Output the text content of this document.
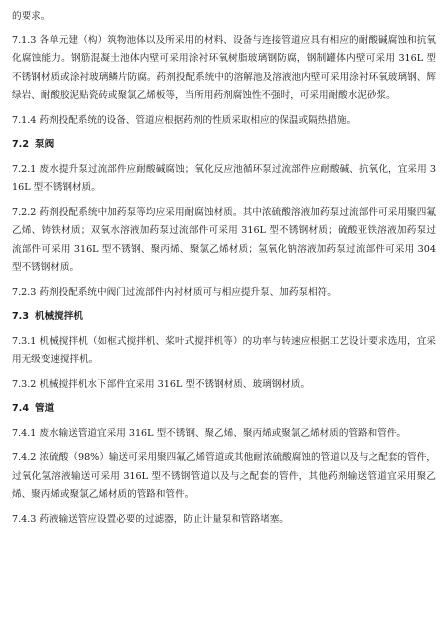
的要求。

7.1.3 各单元建（构）筑物池体以及所采用的材料、设备与连接管道应具有相应的耐酸碱腐蚀和抗氧化腐蚀能力。钢筋混凝土池体内壁可采用涂衬环氧树脂玻璃钢防腐，钢制罐体内壁可采用 316L 型不锈钢材质或涂衬玻璃鳞片防腐。药剂投配系统中的溶解池及溶液池内壁可采用涂衬环氧玻璃钢、辉绿岩、耐酸胶泥贴瓷砖或聚氯乙烯板等，当所用药剂腐蚀性不强时，可采用耐酸水泥砂浆。

7.1.4 药剂投配系统的设备、管道应根据药剂的性质采取相应的保温或隔热措施。

7.2 泵阀

7.2.1 废水提升泵过流部件应耐酸碱腐蚀；氧化反应池循环泵过流部件应耐酸碱、抗氧化，宜采用 316L 型不锈钢材质。

7.2.2 药剂投配系统中加药泵等均应采用耐腐蚀材质。其中浓硫酸溶液加药泵过流部件可采用聚四氟乙烯、铸铁材质；双氧水溶液加药泵过流部件可采用 316L 型不锈钢材质；硫酸亚铁溶液加药泵过流部件可采用 316L 型不锈钢、聚丙烯、聚氯乙烯材质；氢氧化钠溶液加药泵过流部件可采用 304 型不锈钢材质。

7.2.3 药剂投配系统中阀门过流部件内衬材质可与相应提升泵、加药泵相符。

7.3 机械搅拌机

7.3.1 机械搅拌机（如框式搅拌机、桨叶式搅拌机等）的功率与转速应根据工艺设计要求选用，宜采用无级变速搅拌机。

7.3.2 机械搅拌机水下部件宜采用 316L 型不锈钢材质、玻璃钢材质。

7.4 管道

7.4.1 废水输送管道宜采用 316L 型不锈钢、聚乙烯、聚丙烯或聚氯乙烯材质的管路和管件。

7.4.2 浓硫酸（98%）输送可采用聚四氟乙烯管道或其他耐浓硫酸腐蚀的管道以及与之配套的管件，过氧化氢溶液输送可采用 316L 型不锈钢管道以及与之配套的管件，其他药剂输送管道宜采用聚乙烯、聚丙烯或聚氯乙烯材质的管路和管件。

7.4.3 药液输送管应设置必要的过滤器，防止计量泵和管路堵塞。
